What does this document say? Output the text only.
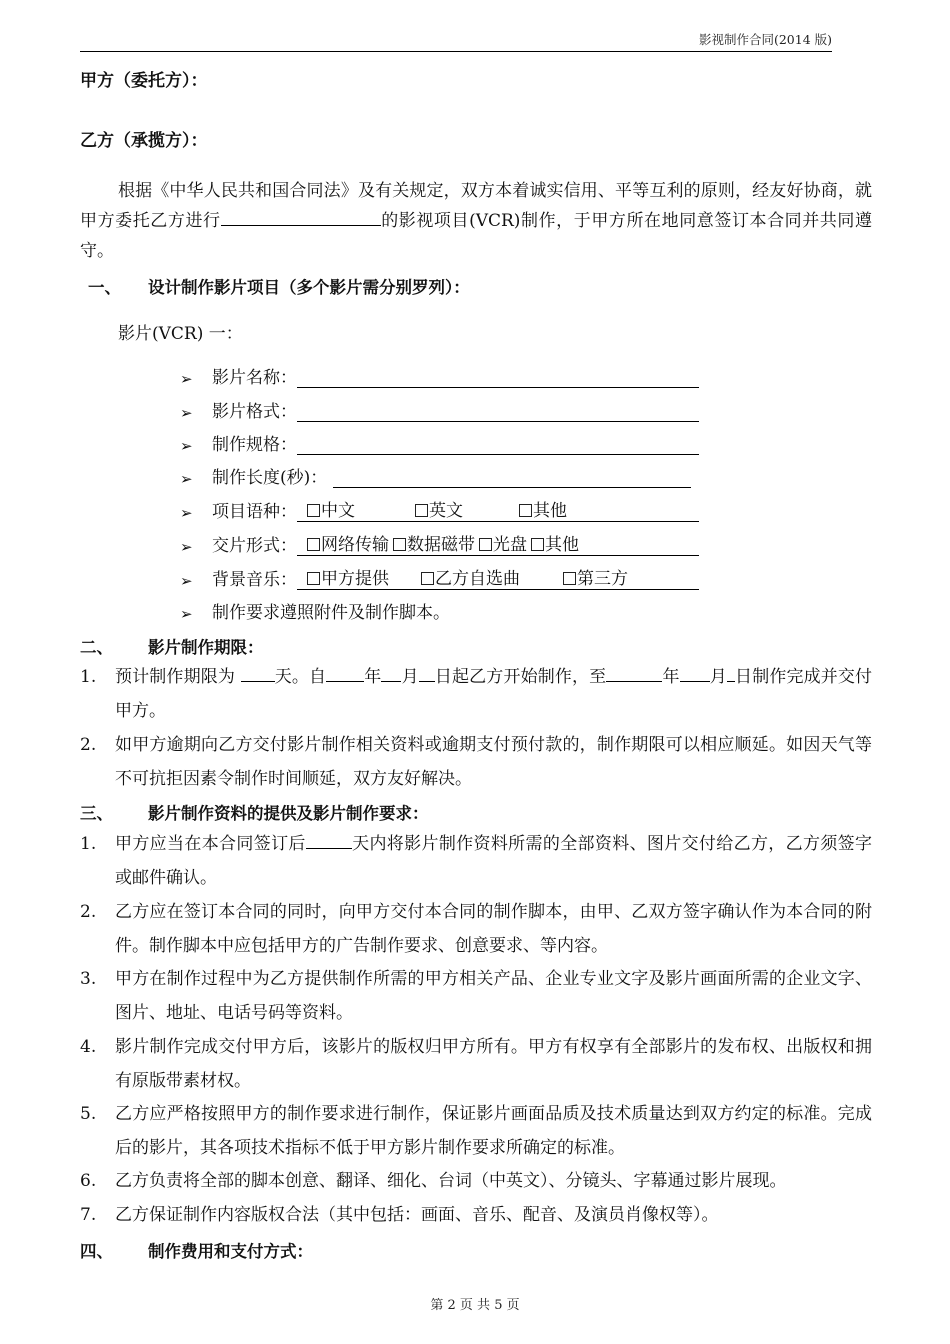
影视制作合同(2014 版)
甲方（委托方）：
乙方（承揽方）：
根据《中华人民共和国合同法》及有关规定，双方本着诚实信用、平等互利的原则，经友好协商，就甲方委托乙方进行	的影视项目(VCR)制作，于甲方所在地同意签订本合同并共同遵守。
一、 设计制作影片项目（多个影片需分别罗列）：
影片(VCR) 一：
➢	影片名称：
➢	影片格式：
➢	制作规格：
➢	制作长度(秒)：
➢	项目语种：	中文	英文	其他
➢	交片形式：	网络传输	数据磁带	光盘	其他
➢	背景音乐：	甲方提供	乙方自选曲	第三方
➢	制作要求遵照附件及制作脚本。
二、 影片制作期限：
1. 预计制作期限为 天。自 年 月 日起乙方开始制作，至	年 月 日制作完成并交付甲方。
2. 如甲方逾期向乙方交付影片制作相关资料或逾期支付预付款的，制作期限可以相应顺延。如因天气等不可抗拒因素令制作时间顺延，双方友好解决。
三、 影片制作资料的提供及影片制作要求：
1. 甲方应当在本合同签订后	天内将影片制作资料所需的全部资料、图片交付给乙方，乙方须签字或邮件确认。
2. 乙方应在签订本合同的同时，向甲方交付本合同的制作脚本，由甲、乙双方签字确认作为本合同的附件。制作脚本中应包括甲方的广告制作要求、创意要求、等内容。
3. 甲方在制作过程中为乙方提供制作所需的甲方相关产品、企业专业文字及影片画面所需的企业文字、图片、地址、电话号码等资料。
4. 影片制作完成交付甲方后，该影片的版权归甲方所有。甲方有权享有全部影片的发布权、出版权和拥有原版带素材权。
5. 乙方应严格按照甲方的制作要求进行制作，保证影片画面品质及技术质量达到双方约定的标准。完成后的影片，其各项技术指标不低于甲方影片制作要求所确定的标准。
6. 乙方负责将全部的脚本创意、翻译、细化、台词（中英文）、分镜头、字幕通过影片展现。
7. 乙方保证制作内容版权合法（其中包括：画面、音乐、配音、及演员肖像权等）。
四、 制作费用和支付方式：
第 2 页 共 5 页
